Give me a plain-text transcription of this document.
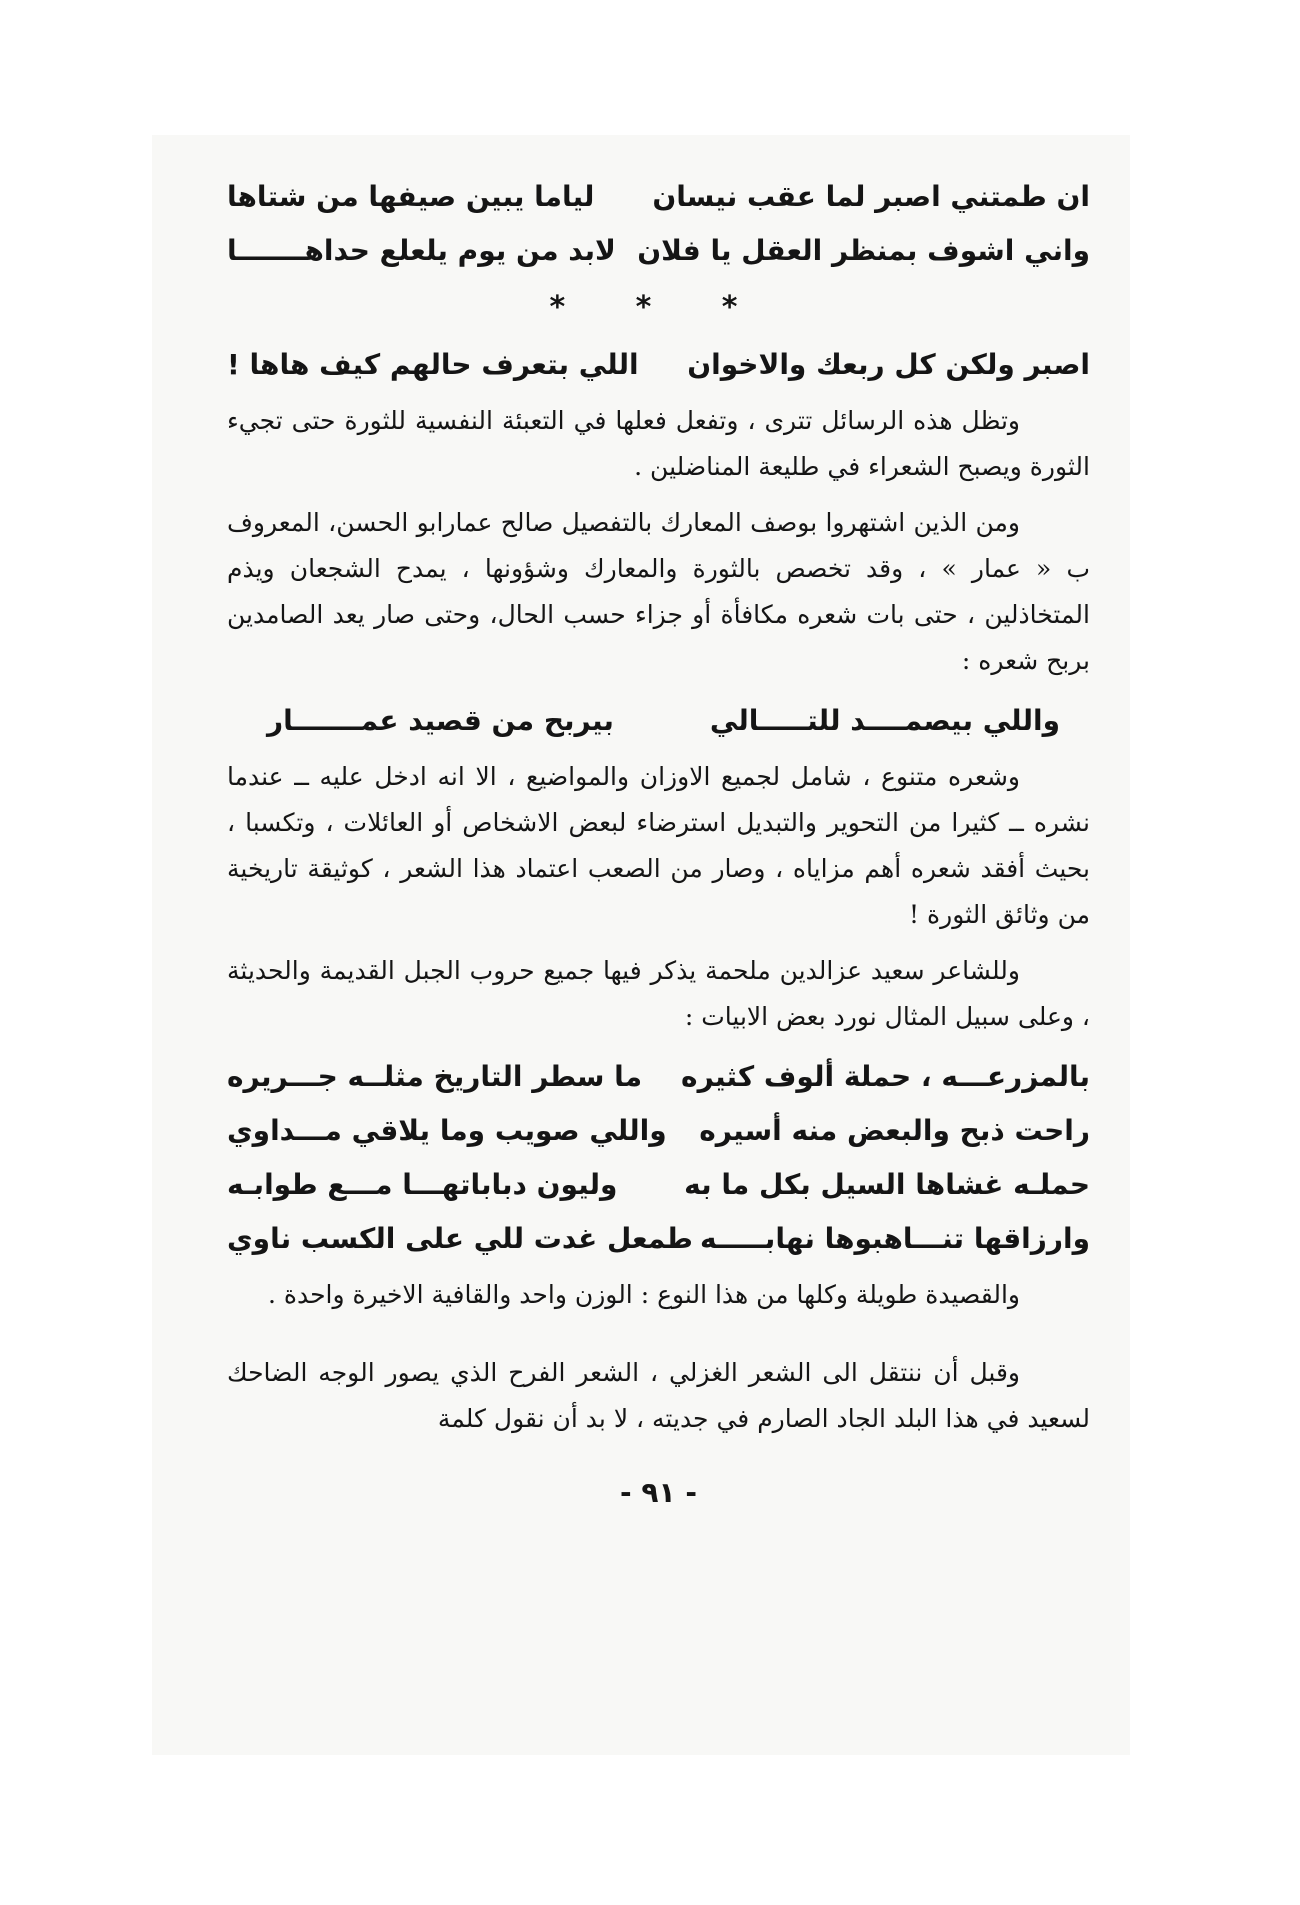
ان طمتني اصبر لما عقب نيسان
لياما يبين صيفها من شتاها
واني اشوف بمنظر العقل يا فلان
لابد من يوم يلعلع حداهـــــــا
* * *
اصبر ولكن كل ربعك والاخوان
اللي بتعرف حالهم كيف هاها !

وتظل هذه الرسائل تترى ، وتفعل فعلها في التعبئة النفسية للثورة حتى تجيء الثورة ويصبح الشعراء في طليعة المناضلين .

ومن الذين اشتهروا بوصف المعارك بالتفصيل صالح عمارابو الحسن، المعروف ب « عمار » ، وقد تخصص بالثورة والمعارك وشؤونها ، يمدح الشجعان ويذم المتخاذلين ، حتى بات شعره مكافأة أو جزاء حسب الحال، وحتى صار يعد الصامدين بربح شعره :

واللي بيصمــــد للتـــــالي
بيربح من قصيد عمـــــــار

وشعره متنوع ، شامل لجميع الاوزان والمواضيع ، الا انه ادخل عليه ــ عندما نشره ــ كثيرا من التحوير والتبديل استرضاء لبعض الاشخاص أو العائلات ، وتكسبا ، بحيث أفقد شعره أهم مزاياه ، وصار من الصعب اعتماد هذا الشعر ، كوثيقة تاريخية من وثائق الثورة !

وللشاعر سعيد عزالدين ملحمة يذكر فيها جميع حروب الجبل القديمة والحديثة ، وعلى سبيل المثال نورد بعض الابيات :

بالمزرعـــه ، حملة ألوف كثيره
ما سطر التاريخ مثلــه جـــريره
راحت ذبح والبعض منه أسيره
واللي صويب وما يلاقي مـــداوي
حملـه غشاها السيل بكل ما به
وليون دباباتهـــا مـــع طوابـه
وارزاقها تنـــاهبوها نهابـــــه
طمعل غدت للي على الكسب ناوي

والقصيدة طويلة وكلها من هذا النوع : الوزن واحد والقافية الاخيرة واحدة .

وقبل أن ننتقل الى الشعر الغزلي ، الشعر الفرح الذي يصور الوجه الضاحك لسعيد في هذا البلد الجاد الصارم في جديته ، لا بد أن نقول كلمة

- ٩١ -
